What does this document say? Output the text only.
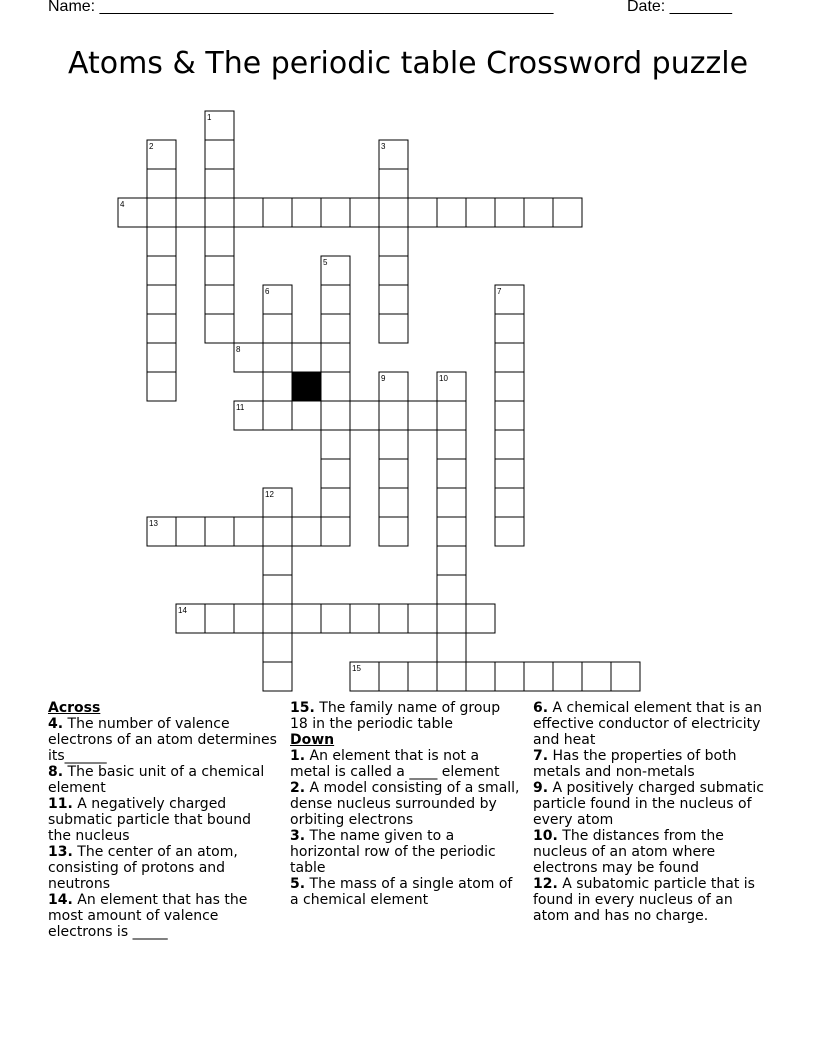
Name: ___________________________________________________	Date: _______
Atoms & The periodic table Crossword puzzle
1
2	3
4
5
6	7
8
9	10
11
12
13
14
15
Across
4. The number of valence electrons of an atom determines its______
8. The basic unit of a chemical element
11. A negatively charged submatic particle that bound the nucleus
13. The center of an atom, consisting of protons and neutrons
14. An element that has the most amount of valence electrons is _____
15. The family name of group 18 in the periodic table
Down
1. An element that is not a metal is called a ____ element
2. A model consisting of a small, dense nucleus surrounded by orbiting electrons
3. The name given to a horizontal row of the periodic table
5. The mass of a single atom of a chemical element
6. A chemical element that is an effective conductor of electricity and heat
7. Has the properties of both metals and non-metals
9. A positively charged submatic particle found in the nucleus of every atom
10. The distances from the nucleus of an atom where electrons may be found
12. A subatomic particle that is found in every nucleus of an atom and has no charge.
